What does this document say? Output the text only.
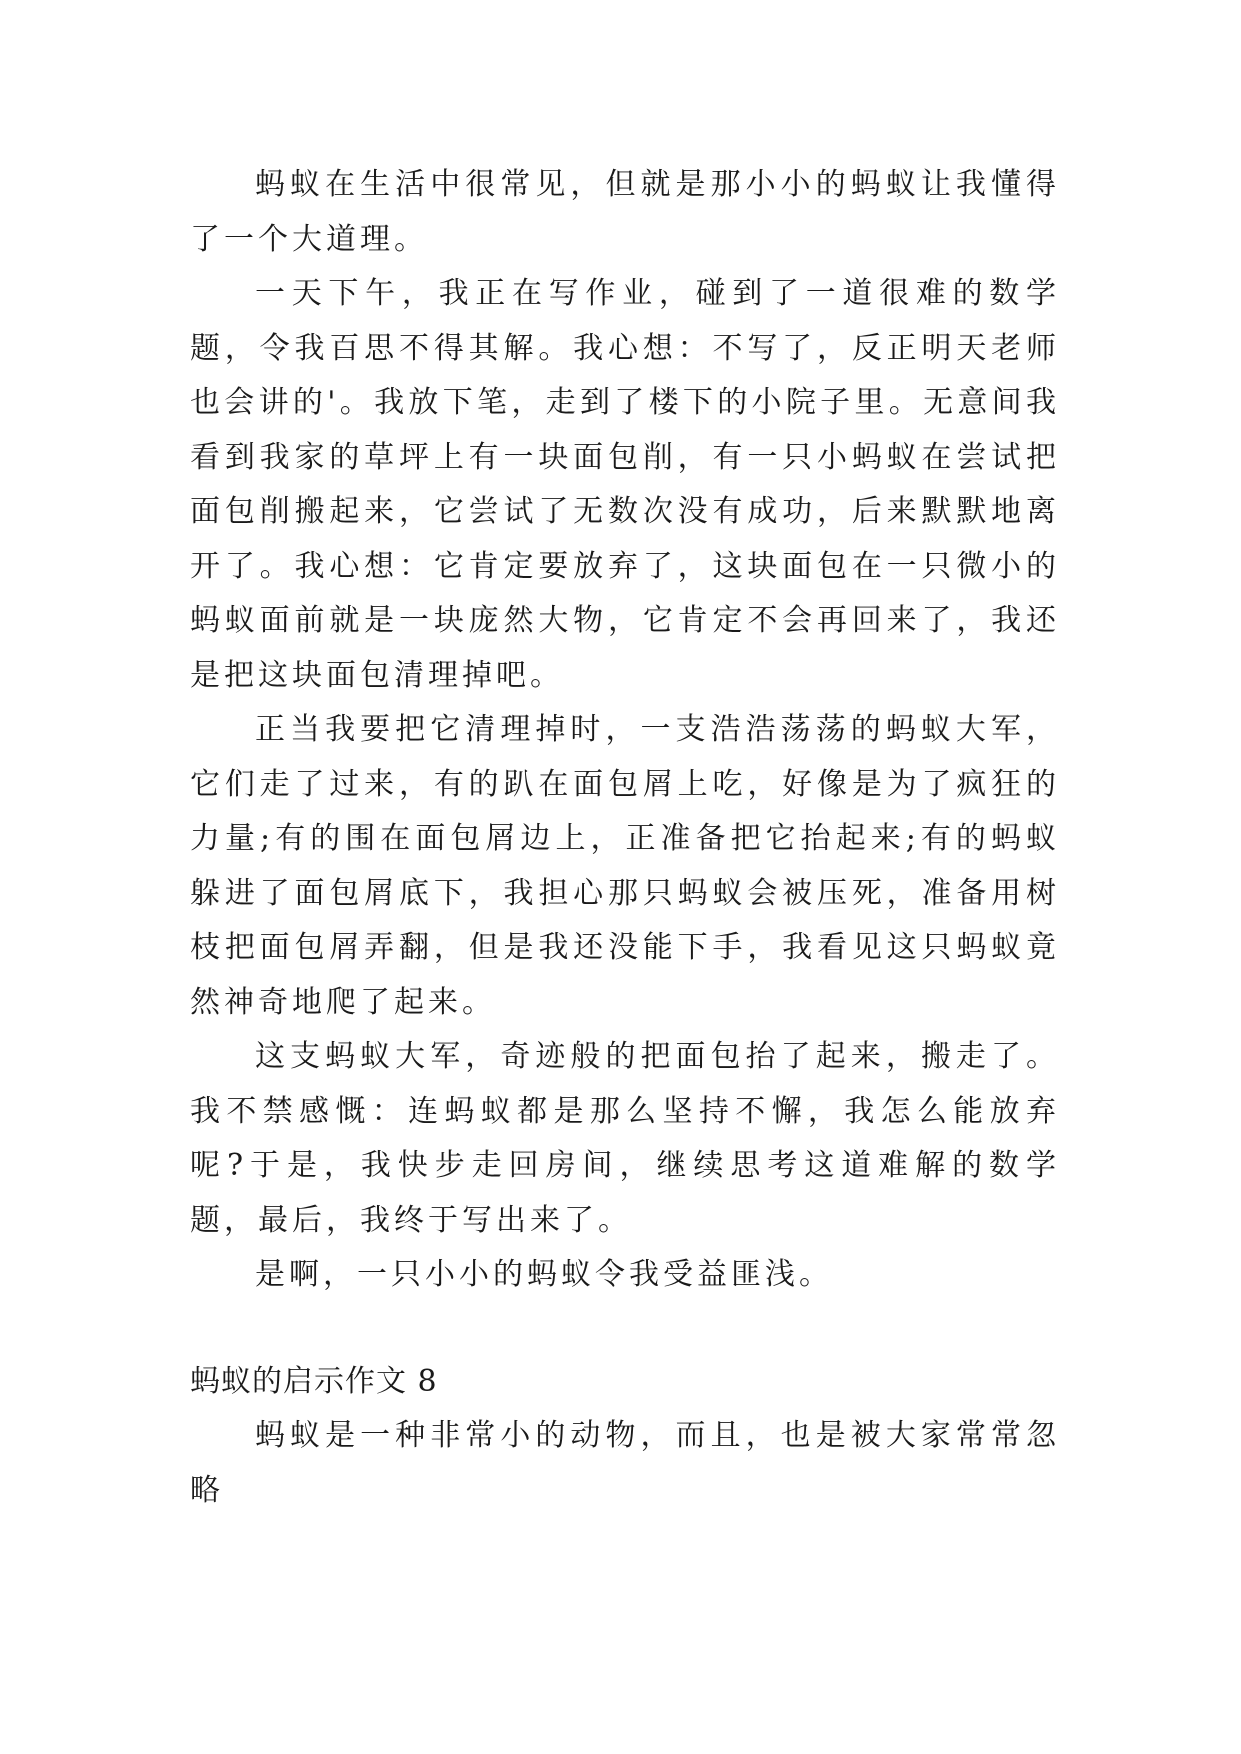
蚂蚁在生活中很常见，但就是那小小的蚂蚁让我懂得了一个大道理。

一天下午，我正在写作业，碰到了一道很难的数学题，令我百思不得其解。我心想：不写了，反正明天老师也会讲的'。我放下笔，走到了楼下的小院子里。无意间我看到我家的草坪上有一块面包削，有一只小蚂蚁在尝试把面包削搬起来，它尝试了无数次没有成功，后来默默地离开了。我心想：它肯定要放弃了，这块面包在一只微小的蚂蚁面前就是一块庞然大物，它肯定不会再回来了，我还是把这块面包清理掉吧。

正当我要把它清理掉时，一支浩浩荡荡的蚂蚁大军，它们走了过来，有的趴在面包屑上吃，好像是为了疯狂的力量;有的围在面包屑边上，正准备把它抬起来;有的蚂蚁躲进了面包屑底下，我担心那只蚂蚁会被压死，准备用树枝把面包屑弄翻，但是我还没能下手，我看见这只蚂蚁竟然神奇地爬了起来。

这支蚂蚁大军，奇迹般的把面包抬了起来，搬走了。我不禁感慨：连蚂蚁都是那么坚持不懈，我怎么能放弃呢?于是，我快步走回房间，继续思考这道难解的数学题，最后，我终于写出来了。

是啊，一只小小的蚂蚁令我受益匪浅。

蚂蚁的启示作文 8

蚂蚁是一种非常小的动物，而且，也是被大家常常忽略
